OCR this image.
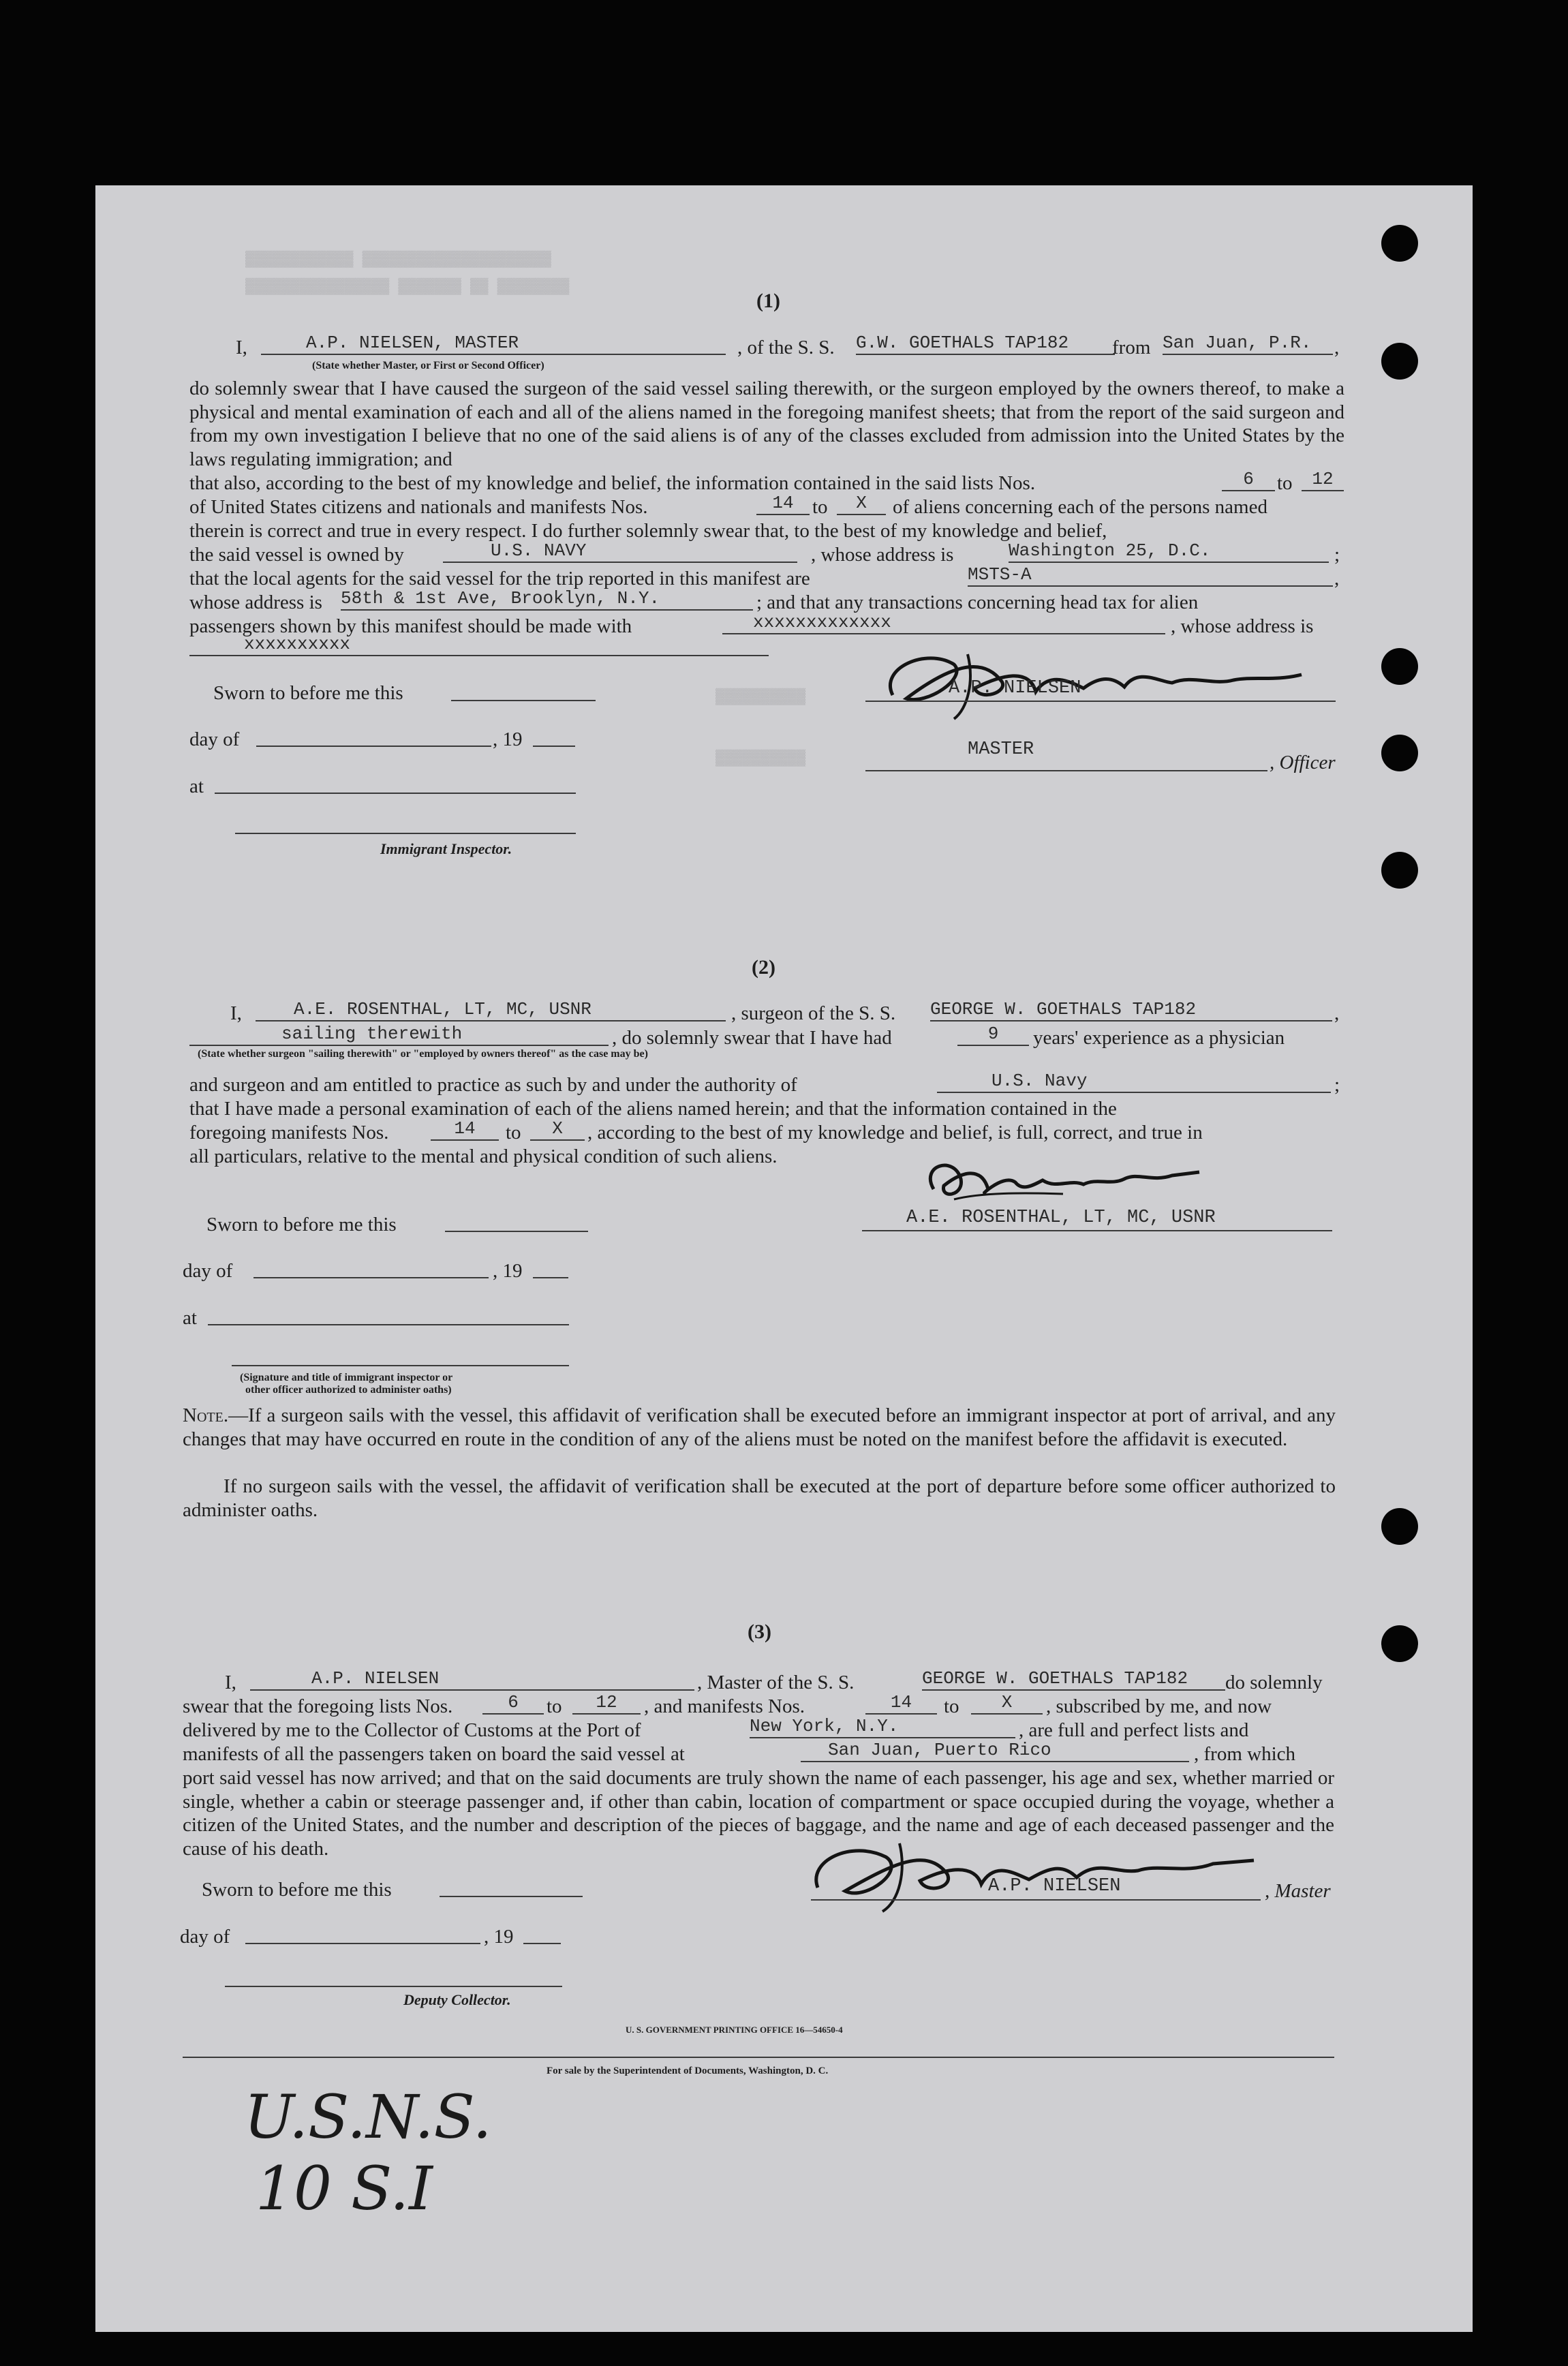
▓▓▓▓▓▓▓▓▓▓▓▓ ▓▓▓▓▓▓▓▓▓▓▓▓▓▓▓▓▓▓▓▓▓
▓▓▓▓▓▓▓▓▓▓▓▓▓▓▓▓ ▓▓▓▓▓▓▓ ▓▓ ▓▓▓▓▓▓▓▓
▓▓▓▓▓▓▓▓▓▓
▓▓▓▓▓▓▓▓▓▓
(1)
I,	A.P. NIELSEN, MASTER
(State whether Master, or First or Second Officer)
, of the S. S. G.W. GOETHALS TAP182	from San Juan, P.R.	,
do solemnly swear that I have caused the surgeon of the said vessel sailing therewith, or the surgeon employed by the owners thereof, to make a physical and mental examination of each and all of the aliens named in the foregoing manifest sheets; that from the report of the said surgeon and from my own investigation I believe that no one of the said aliens is of any of the classes excluded from admission into the United States by the laws regulating immigration; and
that also, according to the best of my knowledge and belief, the information contained in the said lists Nos.	6	to	12
of United States citizens and nationals and manifests Nos.	14 to	X	of aliens concerning each of the persons named
therein is correct and true in every respect. I do further solemnly swear that, to the best of my knowledge and belief,
the said vessel is owned by	U.S. NAVY	, whose address is	Washington 25, D.C.	;
that the local agents for the said vessel for the trip reported in this manifest are	MSTS-A	,
whose address is 58th & 1st Ave, Brooklyn, N.Y.	; and that any transactions concerning head tax for alien
passengers shown by this manifest should be made with	xxxxxxxxxxxxx	, whose address is
xxxxxxxxxx
A.P. NIELSEN
Sworn to before me this
day of	, 19
at
MASTER
, Officer
Immigrant Inspector.
(2)
I,	A.E. ROSENTHAL, LT, MC, USNR	, surgeon of the S. S. GEORGE W. GOETHALS TAP182	,
sailing therewith	, do solemnly swear that I have had	9	years' experience as a physician
(State whether surgeon "sailing therewith" or "employed by owners thereof" as the case may be)
and surgeon and am entitled to practice as such by and under the authority of	U.S. Navy	;
that I have made a personal examination of each of the aliens named herein; and that the information contained in the
foregoing manifests Nos.	14	to	X	, according to the best of my knowledge and belief, is full, correct, and true in
all particulars, relative to the mental and physical condition of such aliens.
A.E. ROSENTHAL, LT, MC, USNR
Sworn to before me this
day of	, 19
at
(Signature and title of immigrant inspector or
other officer authorized to administer oaths)
Note.—If a surgeon sails with the vessel, this affidavit of verification shall be executed before an immigrant inspector at port of arrival, and any changes that may have occurred en route in the condition of any of the aliens must be noted on the manifest before the affidavit is executed.
If no surgeon sails with the vessel, the affidavit of verification shall be executed at the port of departure before some officer authorized to administer oaths.
(3)
I,	A.P. NIELSEN	, Master of the S. S.	GEORGE W. GOETHALS TAP182	do solemnly
swear that the foregoing lists Nos.	6	to	12	, and manifests Nos.	14	to	X	, subscribed by me, and now
delivered by me to the Collector of Customs at the Port of	New York, N.Y.	, are full and perfect lists and
manifests of all the passengers taken on board the said vessel at	San Juan, Puerto Rico	, from which
port said vessel has now arrived; and that on the said documents are truly shown the name of each passenger, his age and sex, whether married or single, whether a cabin or steerage passenger and, if other than cabin, location of compartment or space occupied during the voyage, whether a citizen of the United States, and the number and description of the pieces of baggage, and the name and age of each deceased passenger and the cause of his death.
A.P. NIELSEN	, Master
Sworn to before me this
day of	, 19
Deputy Collector.
U. S. GOVERNMENT PRINTING OFFICE 16—54650-4
For sale by the Superintendent of Documents, Washington, D. C.
U.S.N.S.
10 S.I
